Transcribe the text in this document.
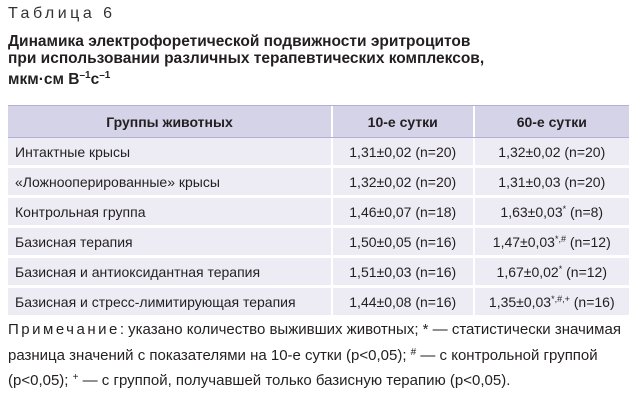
Таблица 6
Динамика электрофоретической подвижности эритроцитов
при использовании различных терапевтических комплексов,
мкм·см $В^{-1}с^{-1}$
Группы животных	10-е сутки	60-е сутки
Интактные крысы	1,31±0,02 (n=20)	1,32±0,02 (n=20)
«Ложнооперированные» крысы	1,32±0,02 (n=20)	1,31±0,03 (n=20)
Контрольная группа	1,46±0,07 (n=18)	1,63±0,03* (n=8)
Базисная терапия	1,50±0,05 (n=16)	1,47±0,03*,# (n=12)
Базисная и антиоксидантная терапия	1,51±0,03 (n=16)	1,67±0,02* (n=12)
Базисная и стресс-лимитирующая терапия	1,44±0,08 (n=16)	1,35±0,03*,#,+ (n=16)
Примечание: указано количество выживших животных; * — статистически значимая разница значений с показателями на 10-е сутки (p<0,05); # — с контрольной группой (p<0,05); + — с группой, получавшей только базисную терапию (p<0,05).
